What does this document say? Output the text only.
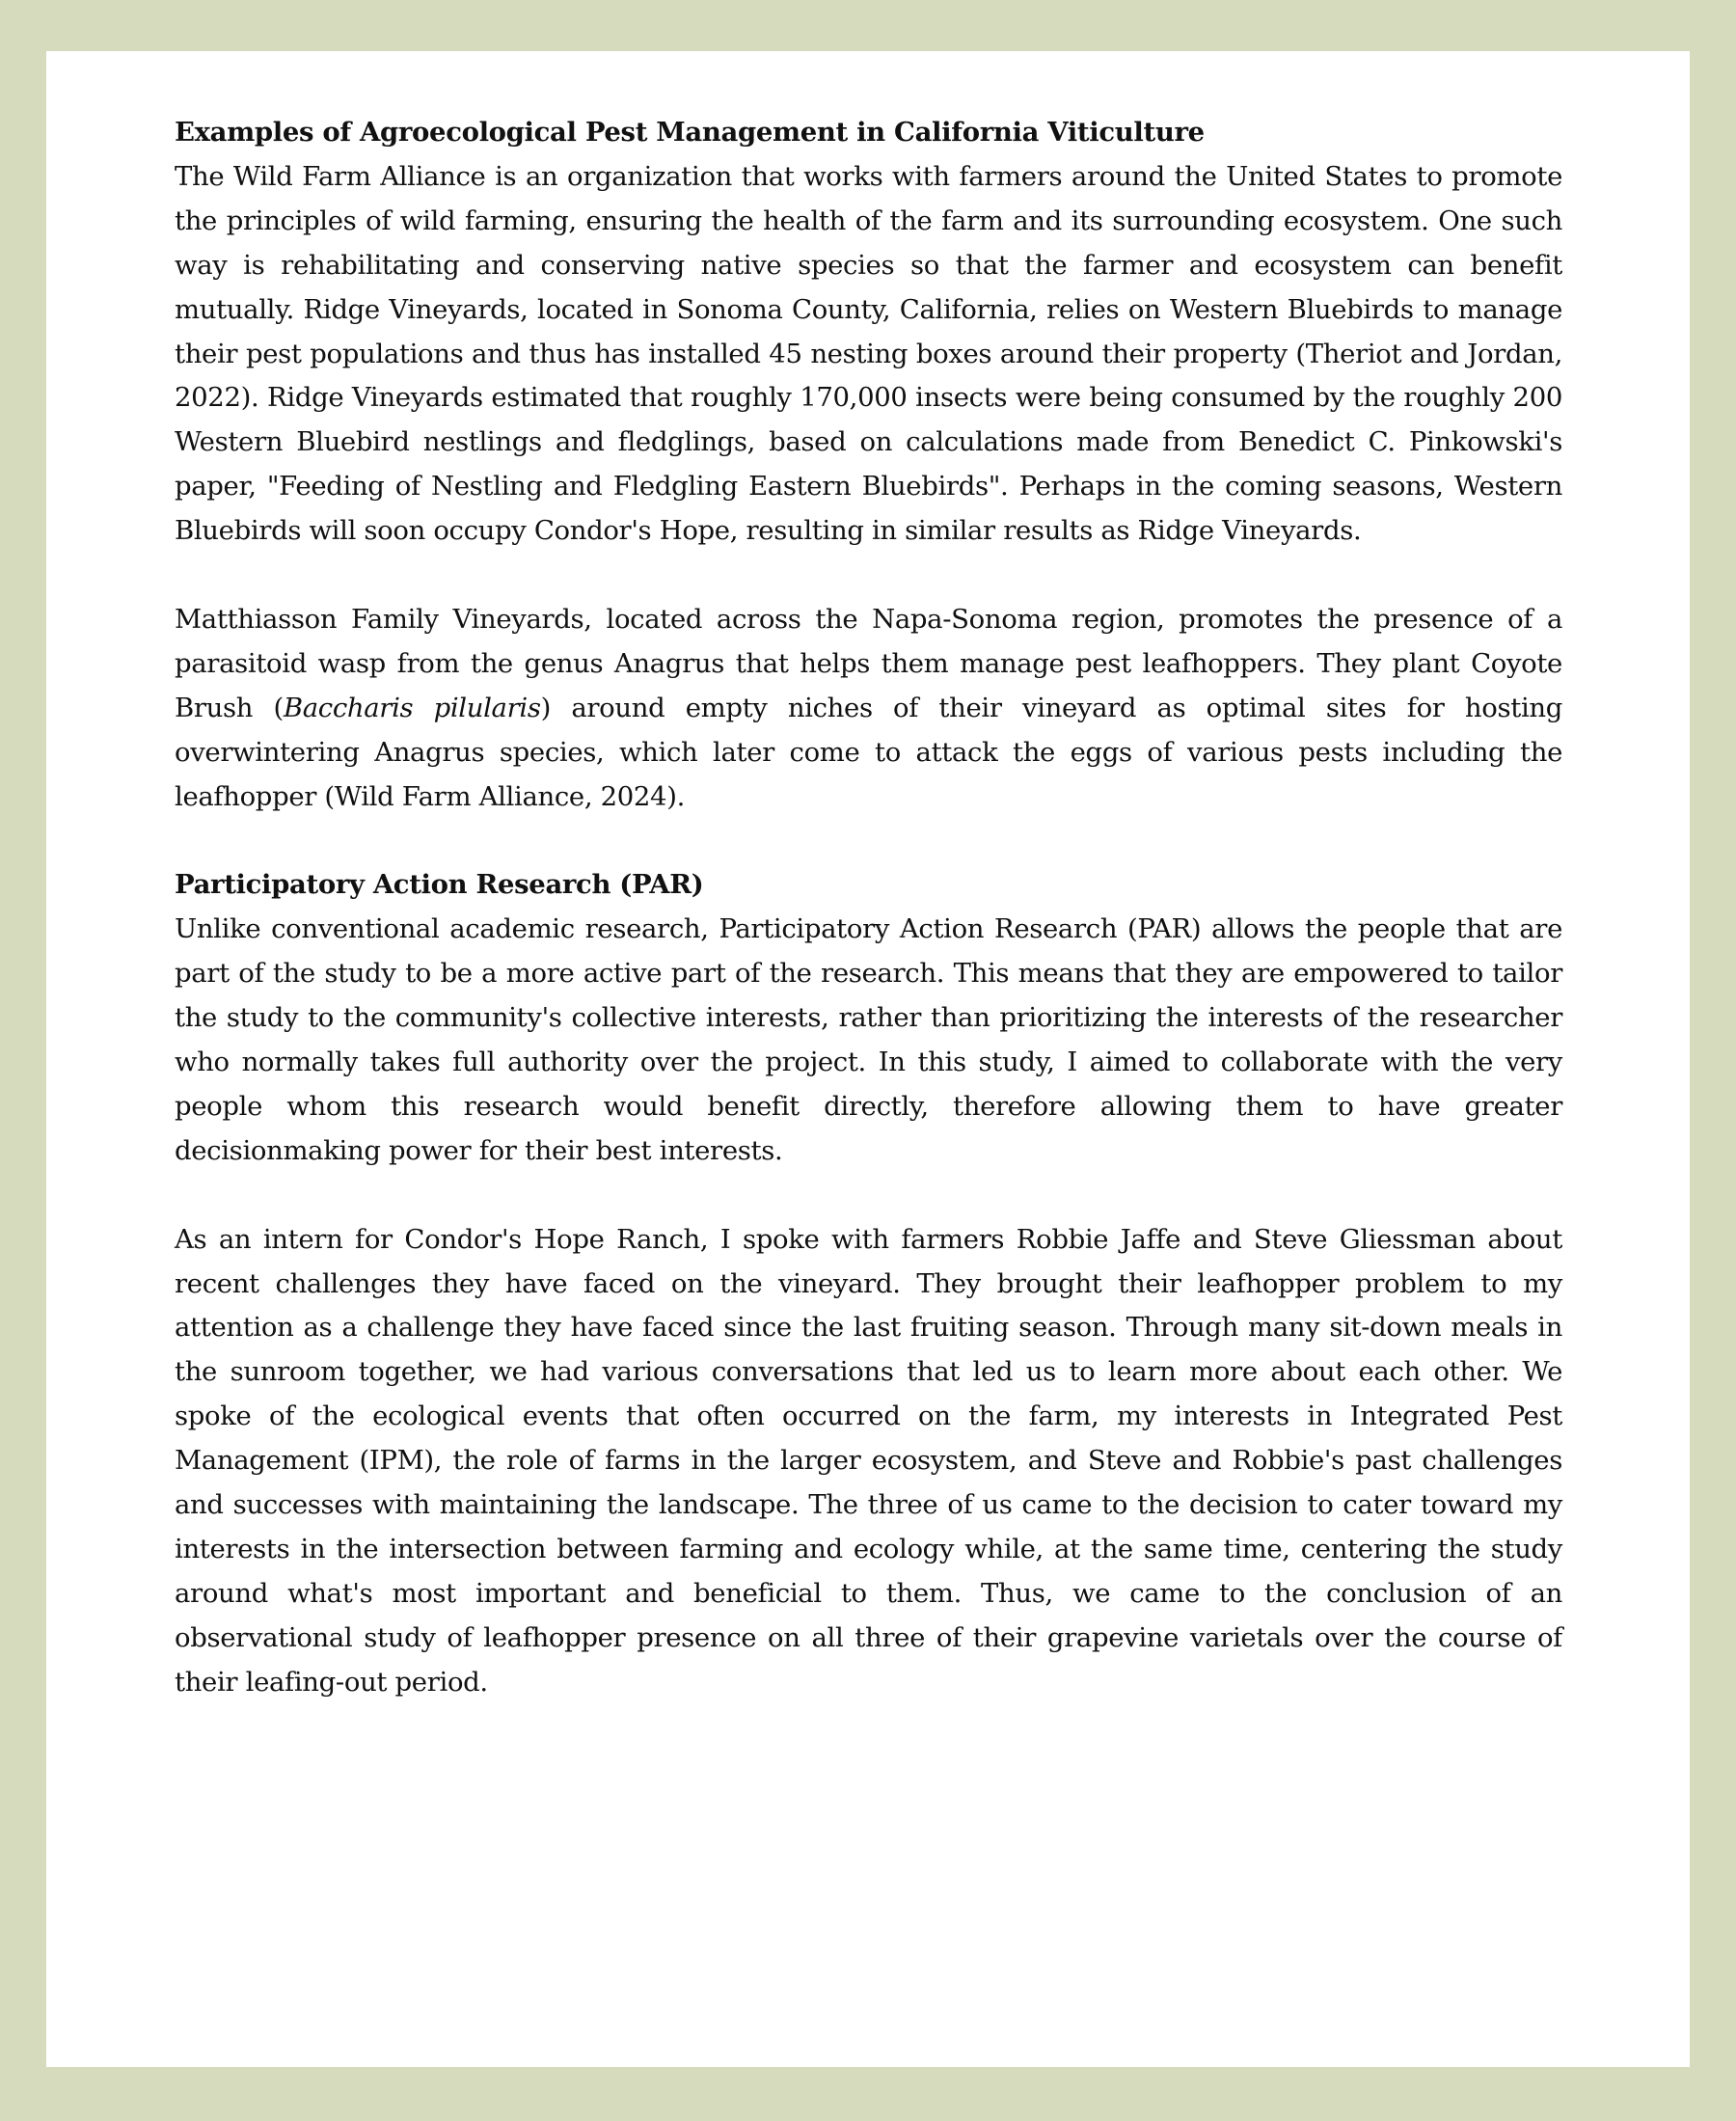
Examples of Agroecological Pest Management in California Viticulture

The Wild Farm Alliance is an organization that works with farmers around the United States to promote the principles of wild farming, ensuring the health of the farm and its surrounding ecosystem. One such way is rehabilitating and conserving native species so that the farmer and ecosystem can benefit mutually. Ridge Vineyards, located in Sonoma County, California, relies on Western Bluebirds to manage their pest populations and thus has installed 45 nesting boxes around their property (Theriot and Jordan, 2022). Ridge Vineyards estimated that roughly 170,000 insects were being consumed by the roughly 200 Western Bluebird nestlings and fledglings, based on calculations made from Benedict C. Pinkowski's paper, "Feeding of Nestling and Fledgling Eastern Bluebirds". Perhaps in the coming seasons, Western Bluebirds will soon occupy Condor's Hope, resulting in similar results as Ridge Vineyards.

Matthiasson Family Vineyards, located across the Napa-Sonoma region, promotes the presence of a parasitoid wasp from the genus Anagrus that helps them manage pest leafhoppers. They plant Coyote Brush (Baccharis pilularis) around empty niches of their vineyard as optimal sites for hosting overwintering Anagrus species, which later come to attack the eggs of various pests including the leafhopper (Wild Farm Alliance, 2024).

Participatory Action Research (PAR)

Unlike conventional academic research, Participatory Action Research (PAR) allows the people that are part of the study to be a more active part of the research. This means that they are empowered to tailor the study to the community's collective interests, rather than prioritizing the interests of the researcher who normally takes full authority over the project. In this study, I aimed to collaborate with the very people whom this research would benefit directly, therefore allowing them to have greater decisionmaking power for their best interests.

As an intern for Condor's Hope Ranch, I spoke with farmers Robbie Jaffe and Steve Gliessman about recent challenges they have faced on the vineyard. They brought their leafhopper problem to my attention as a challenge they have faced since the last fruiting season. Through many sit-down meals in the sunroom together, we had various conversations that led us to learn more about each other. We spoke of the ecological events that often occurred on the farm, my interests in Integrated Pest Management (IPM), the role of farms in the larger ecosystem, and Steve and Robbie's past challenges and successes with maintaining the landscape. The three of us came to the decision to cater toward my interests in the intersection between farming and ecology while, at the same time, centering the study around what's most important and beneficial to them. Thus, we came to the conclusion of an observational study of leafhopper presence on all three of their grapevine varietals over the course of their leafing-out period.
